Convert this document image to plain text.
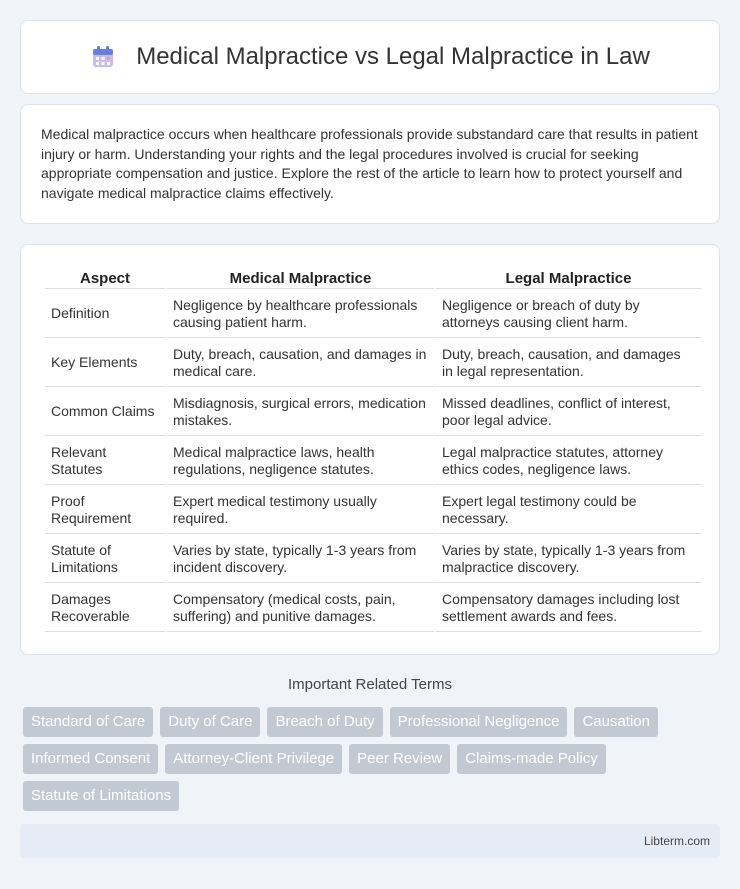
Medical Malpractice vs Legal Malpractice in Law

Medical malpractice occurs when healthcare professionals provide substandard care that results in patient injury or harm. Understanding your rights and the legal procedures involved is crucial for seeking appropriate compensation and justice. Explore the rest of the article to learn how to protect yourself and navigate medical malpractice claims effectively.

Aspect	Medical Malpractice	Legal Malpractice
Definition	Negligence by healthcare professionals causing patient harm.	Negligence or breach of duty by attorneys causing client harm.
Key Elements	Duty, breach, causation, and damages in medical care.	Duty, breach, causation, and damages in legal representation.
Common Claims	Misdiagnosis, surgical errors, medication mistakes.	Missed deadlines, conflict of interest, poor legal advice.
Relevant Statutes	Medical malpractice laws, health regulations, negligence statutes.	Legal malpractice statutes, attorney ethics codes, negligence laws.
Proof Requirement	Expert medical testimony usually required.	Expert legal testimony could be necessary.
Statute of Limitations	Varies by state, typically 1-3 years from incident discovery.	Varies by state, typically 1-3 years from malpractice discovery.
Damages Recoverable	Compensatory (medical costs, pain, suffering) and punitive damages.	Compensatory damages including lost settlement awards and fees.
Important Related Terms
Standard of Care	Duty of Care	Breach of Duty	Professional Negligence	Causation
Informed Consent	Attorney-Client Privilege	Peer Review	Claims-made Policy
Statute of Limitations
Libterm.com
